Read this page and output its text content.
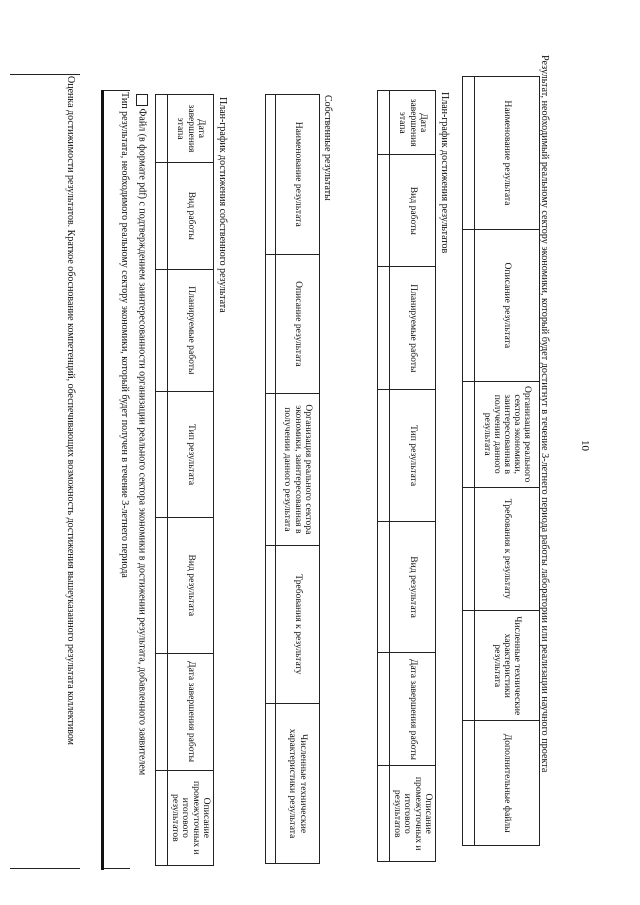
10
Результат, необходимый реальному сектору экономики, который будет достигнут в течение 3-летнего периода работы лаборатории или реализации научного проекта
Наименование результата	Описание результата	Организация реального сектора экономики, заинтересованная в получении данного результата	Требования к результату	Численные технические характеристики результата	Дополнительные файлы

План-график достижения результатов
Дата завершения этапа	Вид работы	Планируемые работы	Тип результата	Вид результата	Дата завершения работы	Описание промежуточных и итогового результатов

Собственные результаты
Наименование результата	Описание результата	Организация реального сектора экономики, заинтересованная в получении данного результата	Требования к результату	Численные технические характеристики результата

План-график достижения собственного результата
Дата завершения этапа	Вид работы	Планируемые работы	Тип результата	Вид результата	Дата завершения работы	Описание промежуточных и итогового результатов

Файл (в формате pdf) с подтверждением заинтересованности организации реального сектора экономики в достижении результата, добавленного заявителем
Тип результата, необходимого реальному сектору экономики, который будет получен в течение 3-летнего периода
Оценка достижимости результатов. Краткое обоснование компетенций, обеспечивающих возможность достижения вышеуказанного результата коллективом
